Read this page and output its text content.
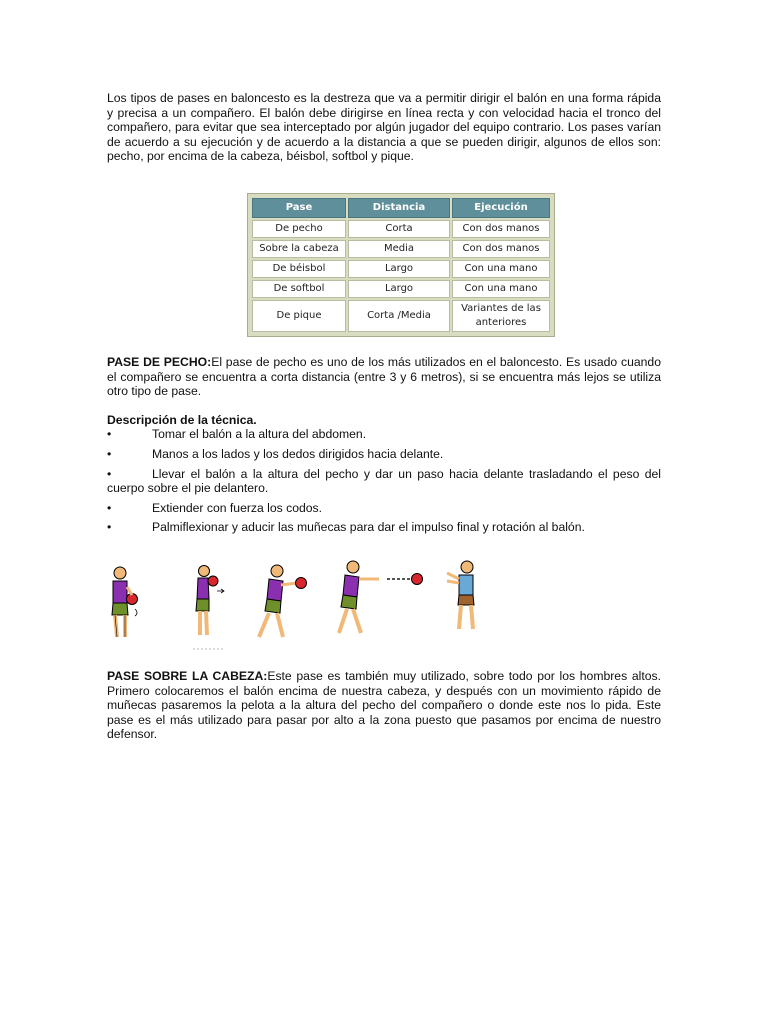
Los tipos de pases en baloncesto es la destreza que va a permitir dirigir el balón en una forma rápida y precisa a un compañero. El balón debe dirigirse en línea recta y con velocidad hacia el tronco del compañero, para evitar que sea interceptado por algún jugador del equipo contrario. Los pases varían de acuerdo a su ejecución y de acuerdo a la distancia a que se pueden dirigir, algunos de ellos son: pecho, por encima de la cabeza, béisbol, softbol y pique.

Pase	Distancia	Ejecución
De pecho	Corta	Con dos manos
Sobre la cabeza	Media	Con dos manos
De béisbol	Largo	Con una mano
De softbol	Largo	Con una mano
De pique	Corta /Media	Variantes de las anteriores

PASE DE PECHO:El pase de pecho es uno de los más utilizados en el baloncesto. Es usado cuando el compañero se encuentra a corta distancia (entre 3 y 6 metros), si se encuentra más lejos se utiliza otro tipo de pase.

Descripción de la técnica.
•	Tomar el balón a la altura del abdomen.
•	Manos a los lados y los dedos dirigidos hacia delante.
•	Llevar el balón a la altura del pecho y dar un paso hacia delante trasladando el peso del cuerpo sobre el pie delantero.
•	Extiender con fuerza los codos.
•	Palmiflexionar y aducir las muñecas para dar el impulso final y rotación al balón.

PASE SOBRE LA CABEZA:Este pase es también muy utilizado, sobre todo por los hombres altos. Primero colocaremos el balón encima de nuestra cabeza, y después con un movimiento rápido de muñecas pasaremos la pelota a la altura del pecho del compañero o donde este nos lo pida. Este pase es el más utilizado para pasar por alto a la zona puesto que pasamos por encima de nuestro defensor.
